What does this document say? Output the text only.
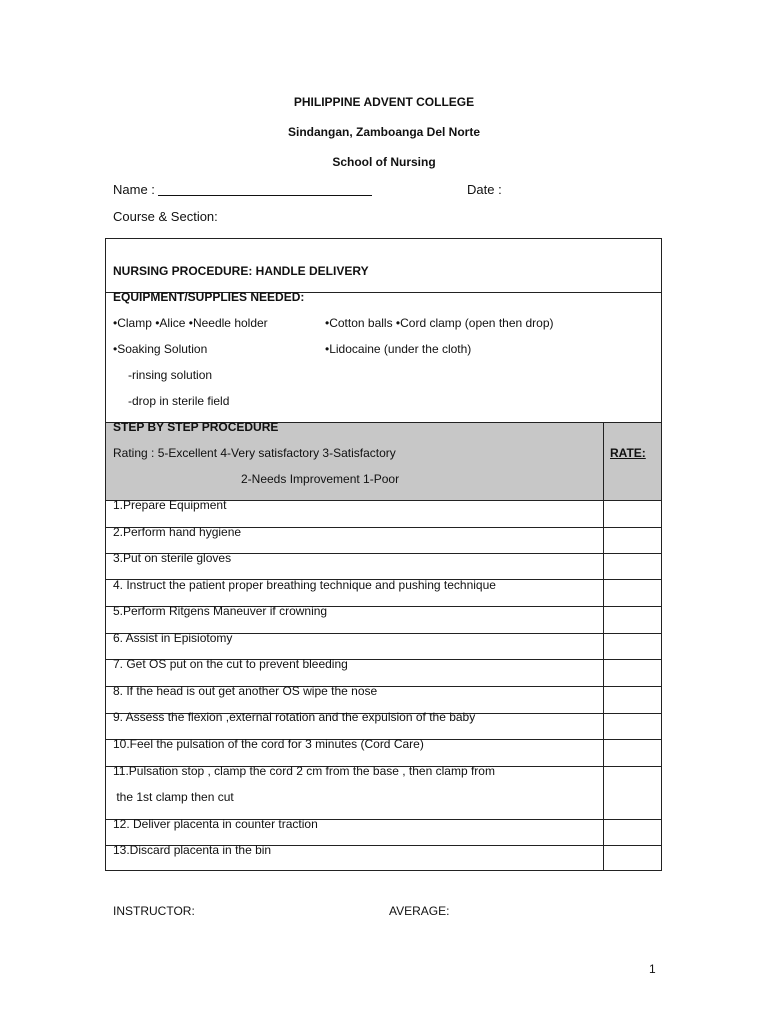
PHILIPPINE ADVENT COLLEGE
Sindangan, Zamboanga Del Norte
School of Nursing
Name :	Date :
Course & Section:
NURSING PROCEDURE: HANDLE DELIVERY
EQUIPMENT/SUPPLIES NEEDED:
•Clamp •Alice •Needle holder	•Cotton balls •Cord clamp (open then drop)
•Soaking Solution	•Lidocaine (under the cloth)
-rinsing solution
-drop in sterile field
STEP BY STEP PROCEDURE
Rating : 5-Excellent 4-Very satisfactory 3-Satisfactory
2-Needs Improvement 1-Poor
RATE:
1.Prepare Equipment
2.Perform hand hygiene
3.Put on sterile gloves
4. Instruct the patient proper breathing technique and pushing technique
5.Perform Ritgens Maneuver if crowning
6. Assist in Episiotomy
7. Get OS put on the cut to prevent bleeding
8. If the head is out get another OS wipe the nose
9. Assess the flexion ,external rotation and the expulsion of the baby
10.Feel the pulsation of the cord for 3 minutes (Cord Care)
11.Pulsation stop , clamp the cord 2 cm from the base , then clamp from
the 1st clamp then cut
12. Deliver placenta in counter traction
13.Discard placenta in the bin
INSTRUCTOR:	AVERAGE:
1
